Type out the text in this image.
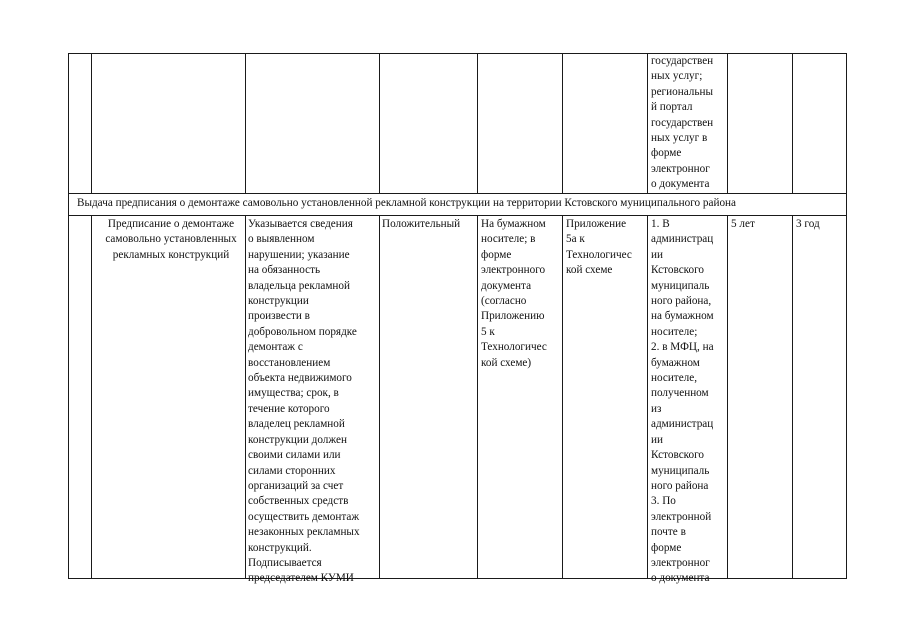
государствен
ных услуг;
региональны
й портал
государствен
ных услуг в
форме
электронног
о документа
Выдача предписания о демонтаже самовольно установленной рекламной конструкции на территории Кстовского муниципального района
Предписание о демонтаже
самовольно установленных
рекламных конструкций
Указывается сведения
о выявленном
нарушении; указание
на обязанность
владельца рекламной
конструкции
произвести в
добровольном порядке
демонтаж с
восстановлением
объекта недвижимого
имущества; срок, в
течение которого
владелец рекламной
конструкции должен
своими силами или
силами сторонних
организаций за счет
собственных средств
осуществить демонтаж
незаконных рекламных
конструкций.
Подписывается
председателем КУМИ
Положительный	На бумажном
носителе; в
форме
электронного
документа
(согласно
Приложению
5 к
Технологичес
кой схеме)
Приложение
5а к
Технологичес
кой схеме
1. В
администрац
ии
Кстовского
муниципаль
ного района,
на бумажном
носителе;
2. в МФЦ, на
бумажном
носителе,
полученном
из
администрац
ии
Кстовского
муниципаль
ного района
3. По
электронной
почте в
форме
электронног
о документа
5 лет	3 год
